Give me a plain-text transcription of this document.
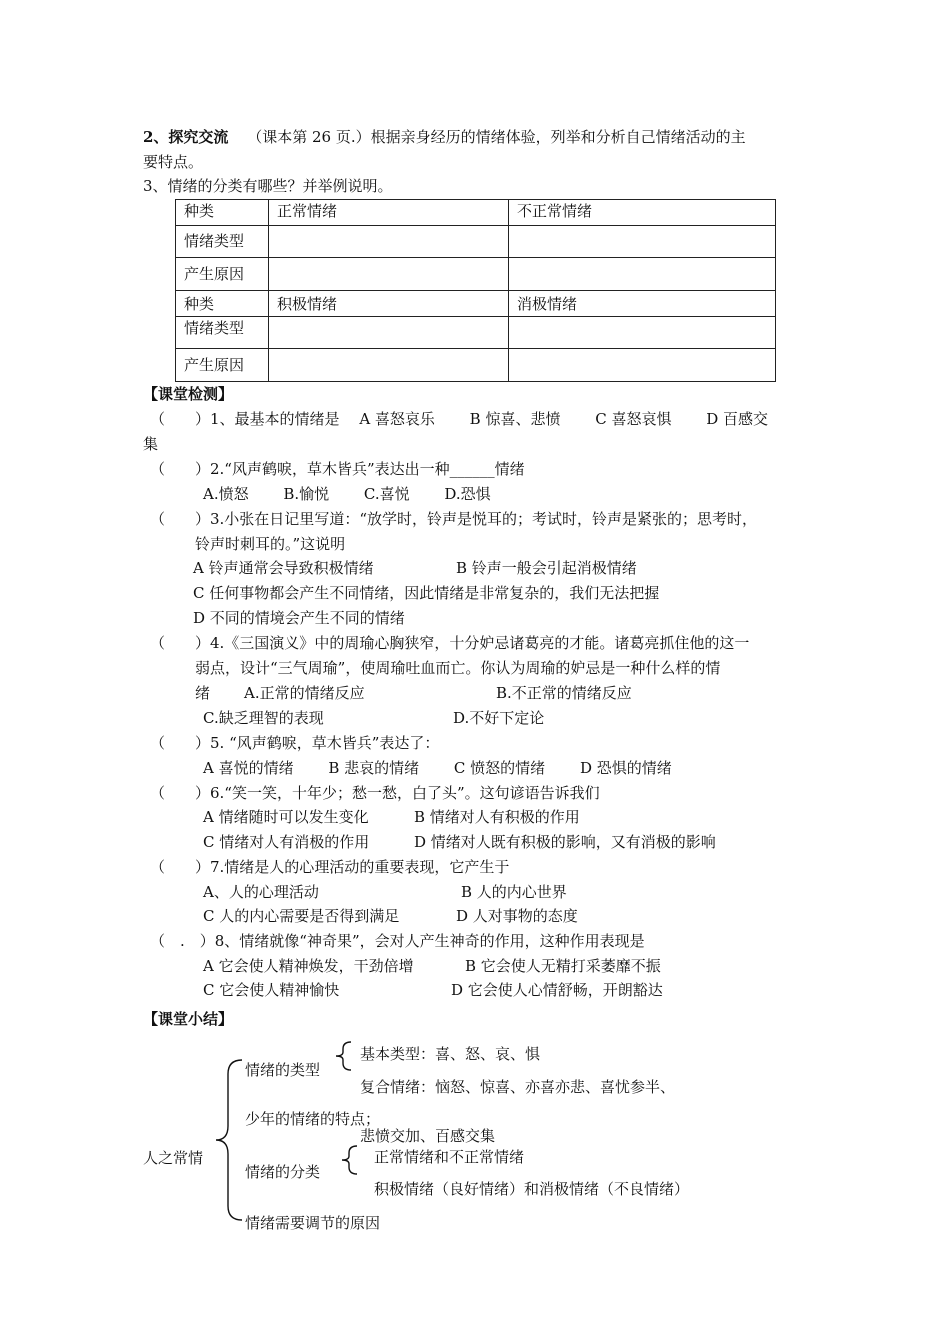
2、探究交流 （课本第 26 页.）根据亲身经历的情绪体验，列举和分析自己情绪活动的主
要特点。
3、情绪的分类有哪些？并举例说明。
种类	正常情绪	不正常情绪
情绪类型		
产生原因		
种类	积极情绪	消极情绪
情绪类型		
产生原因		
【课堂检测】
（　　）1、最基本的情绪是　 A 喜怒哀乐　　 B 惊喜、悲愤　　 C 喜怒哀惧　　 D 百感交
集
（　　）2.“风声鹤唳，草木皆兵”表达出一种______情绪
A.愤怒　　 B.愉悦　　 C.喜悦　　 D.恐惧
（　　）3.小张在日记里写道：“放学时，铃声是悦耳的；考试时，铃声是紧张的；思考时，
铃声时刺耳的。”这说明
A 铃声通常会导致积极情绪	B 铃声一般会引起消极情绪
C 任何事物都会产生不同情绪，因此情绪是非常复杂的，我们无法把握
D 不同的情境会产生不同的情绪
（　　）4.《三国演义》中的周瑜心胸狭窄，十分妒忌诸葛亮的才能。诸葛亮抓住他的这一
弱点，设计“三气周瑜”，使周瑜吐血而亡。你认为周瑜的妒忌是一种什么样的情
绪 A.正常的情绪反应	B.不正常的情绪反应
C.缺乏理智的表现	D.不好下定论
（　　）5. “风声鹤唳，草木皆兵”表达了：
A 喜悦的情绪　　 B 悲哀的情绪　　 C 愤怒的情绪　　 D 恐惧的情绪
（　　）6.“笑一笑，十年少；愁一愁，白了头”。这句谚语告诉我们
A 情绪随时可以发生变化	B 情绪对人有积极的作用
C 情绪对人有消极的作用	D 情绪对人既有积极的影响，又有消极的影响
（　　）7.情绪是人的心理活动的重要表现，它产生于
A、人的心理活动	B 人的内心世界
C 人的内心需要是否得到满足	D 人对事物的态度
（　.　）8、情绪就像“神奇果”，会对人产生神奇的作用，这种作用表现是
A 它会使人精神焕发，干劲倍增	B 它会使人无精打采萎靡不振
C 它会使人精神愉快	D 它会使人心情舒畅，开朗豁达
【课堂小结】
人之常情
情绪的类型
基本类型：喜、怒、哀、惧
复合情绪：恼怒、惊喜、亦喜亦悲、喜忧参半、
少年的情绪的特点；
悲愤交加、百感交集
情绪的分类
正常情绪和不正常情绪
积极情绪（良好情绪）和消极情绪（不良情绪）
情绪需要调节的原因
